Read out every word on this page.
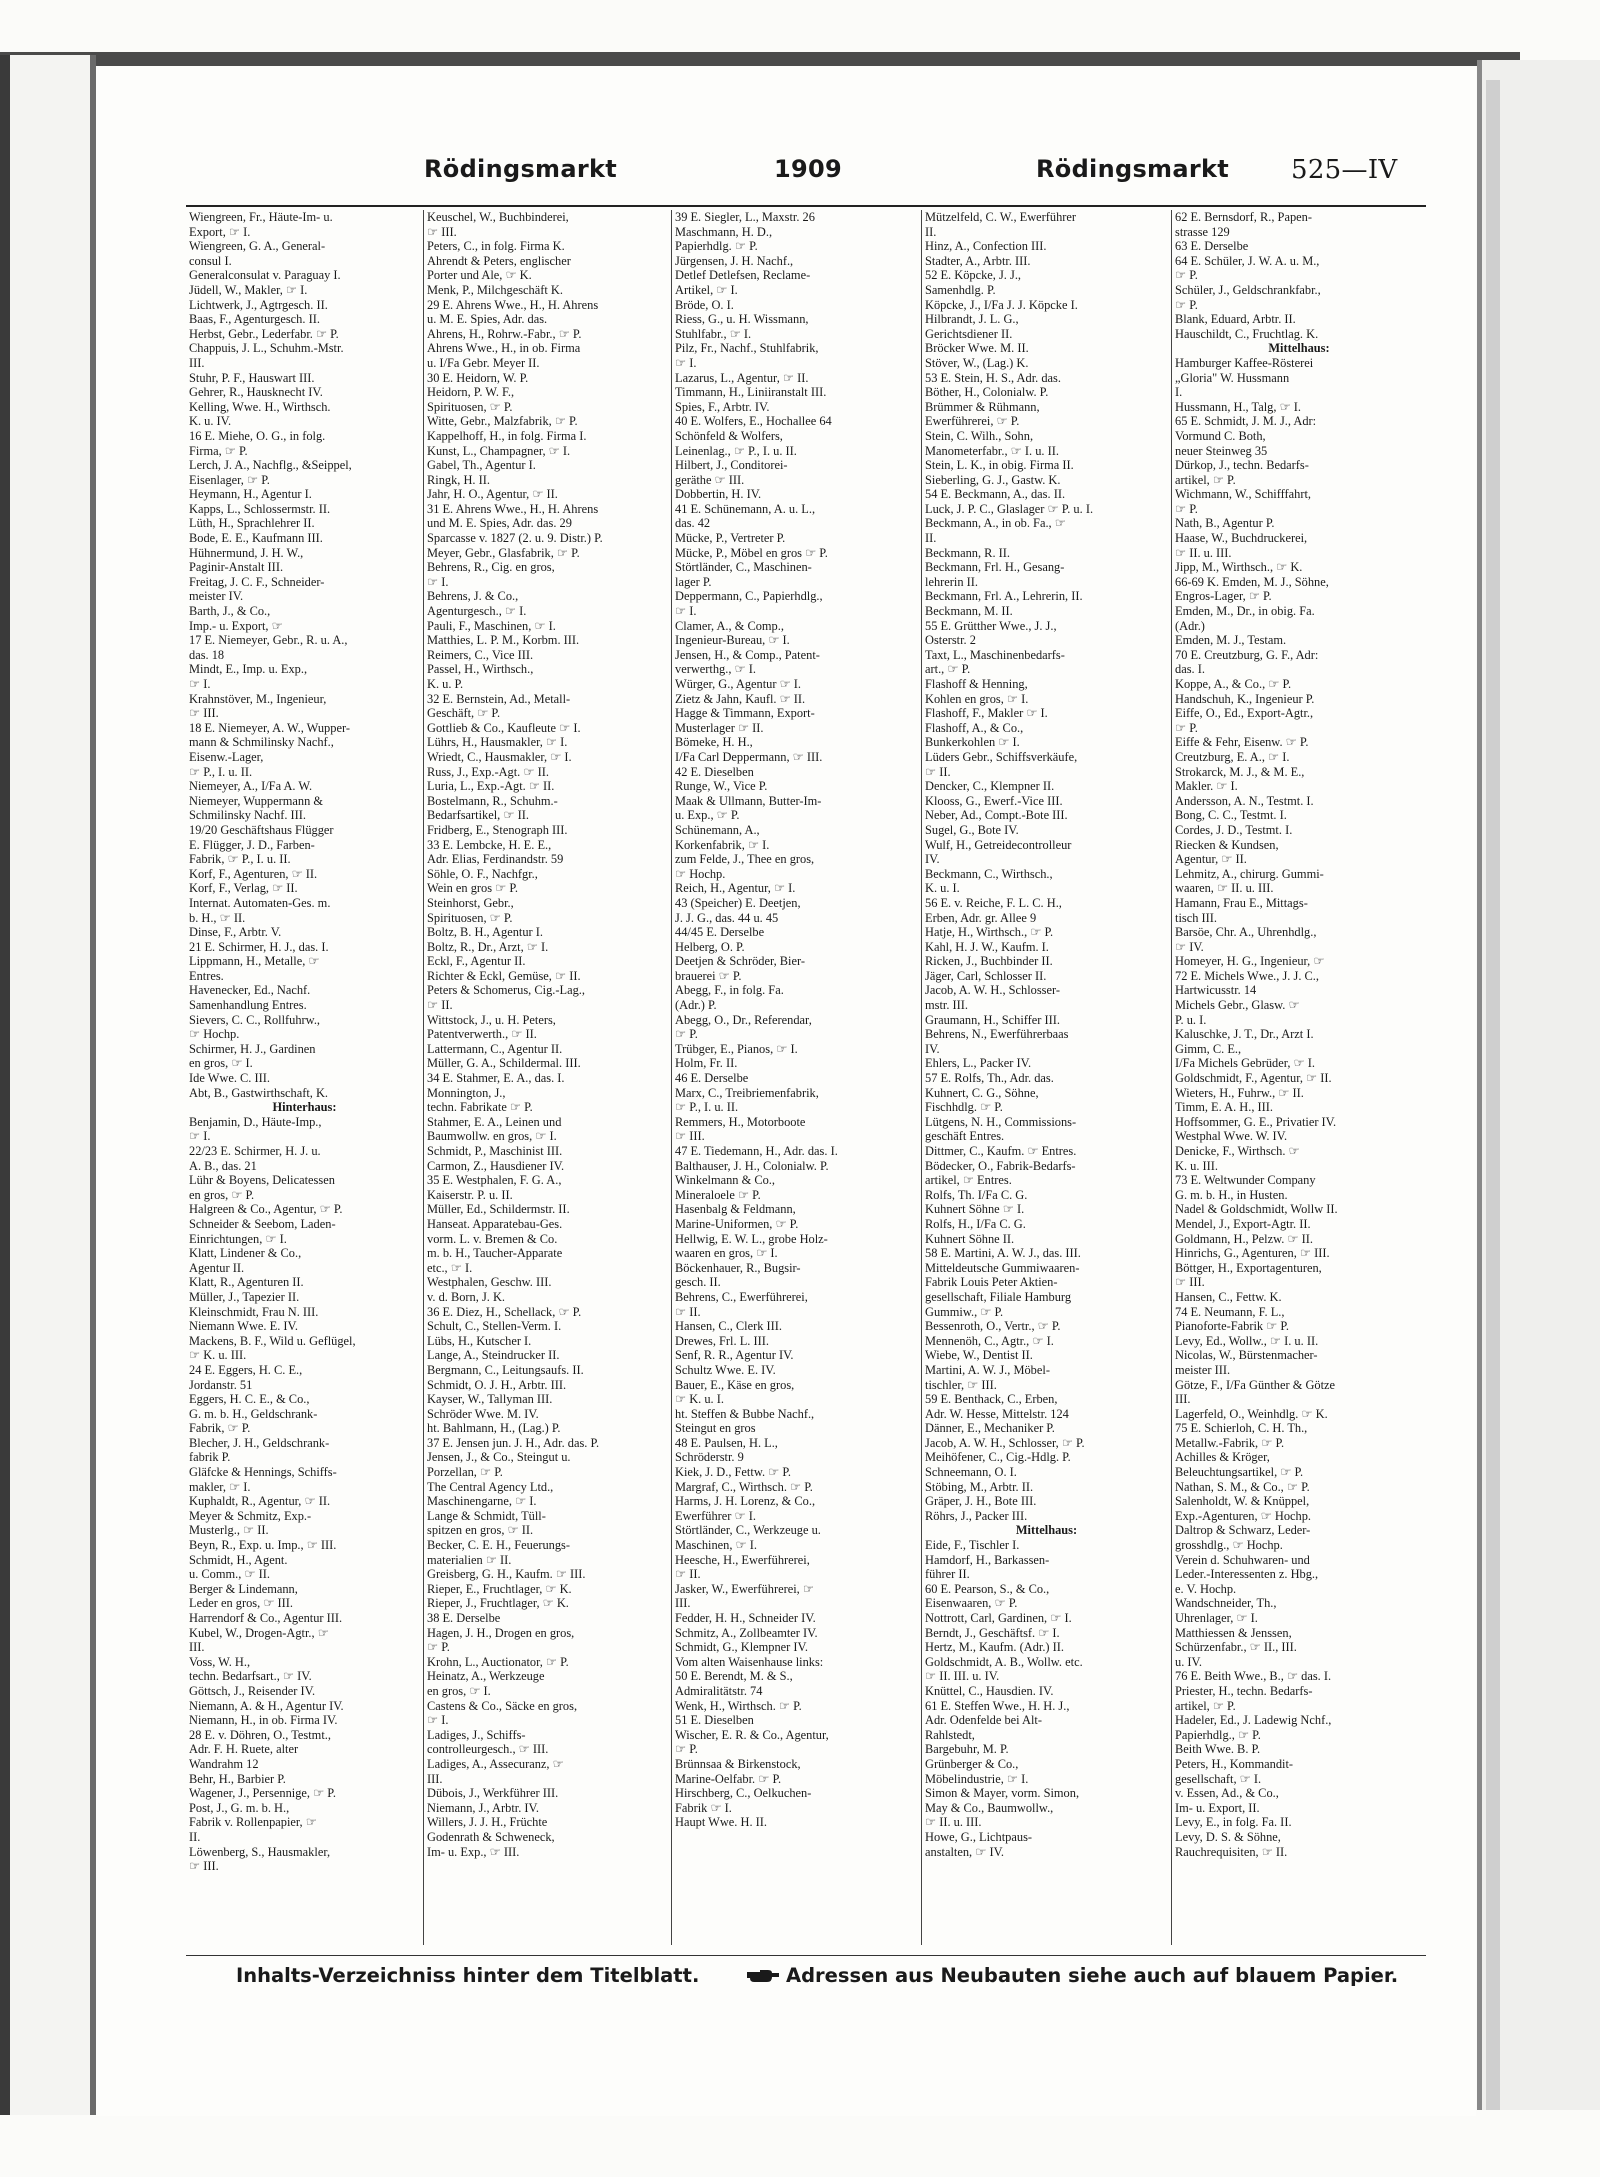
Rödingsmarkt	1909	Rödingsmarkt 525—IV
Wiengreen, Fr., Häute-Im- u.
Export, ☞ I.
Wiengreen, G. A., General-
consul I.
Generalconsulat v. Paraguay I.
Jüdell, W., Makler, ☞ I.
Lichtwerk, J., Agtrgesch. II.
Baas, F., Agenturgesch. II.
Herbst, Gebr., Lederfabr. ☞ P.
Chappuis, J. L., Schuhm.-Mstr.
III.
Stuhr, P. F., Hauswart III.
Gehrer, R., Hausknecht IV.
Kelling, Wwe. H., Wirthsch.
K. u. IV.
16 E. Miehe, O. G., in folg.
Firma, ☞ P.
Lerch, J. A., Nachflg., &Seippel,
Eisenlager, ☞ P.
Heymann, H., Agentur I.
Kapps, L., Schlossermstr. II.
Lüth, H., Sprachlehrer II.
Bode, E. E., Kaufmann III.
Hühnermund, J. H. W.,
Paginir-Anstalt III.
Freitag, J. C. F., Schneider-
meister IV.
Barth, J., & Co.,
Imp.- u. Export, ☞
17 E. Niemeyer, Gebr., R. u. A.,
das. 18
Mindt, E., Imp. u. Exp.,
☞ I.
Krahnstöver, M., Ingenieur,
☞ III.
18 E. Niemeyer, A. W., Wupper-
mann & Schmilinsky Nachf.,
Eisenw.-Lager,
☞ P., I. u. II.
Niemeyer, A., I/Fa A. W.
Niemeyer, Wuppermann &
Schmilinsky Nachf. III.
19/20 Geschäftshaus Flügger
E. Flügger, J. D., Farben-
Fabrik, ☞ P., I. u. II.
Korf, F., Agenturen, ☞ II.
Korf, F., Verlag, ☞ II.
Internat. Automaten-Ges. m.
b. H., ☞ II.
Dinse, F., Arbtr. V.
21 E. Schirmer, H. J., das. I.
Lippmann, H., Metalle, ☞
Entres.
Havenecker, Ed., Nachf.
Samenhandlung Entres.
Sievers, C. C., Rollfuhrw.,
☞ Hochp.
Schirmer, H. J., Gardinen
en gros, ☞ I.
Ide Wwe. C. III.
Abt, B., Gastwirthschaft, K.
Hinterhaus:
Benjamin, D., Häute-Imp.,
☞ I.
22/23 E. Schirmer, H. J. u.
A. B., das. 21
Lühr & Boyens, Delicatessen
en gros, ☞ P.
Halgreen & Co., Agentur, ☞ P.
Schneider & Seebom, Laden-
Einrichtungen, ☞ I.
Klatt, Lindener & Co.,
Agentur II.
Klatt, R., Agenturen II.
Müller, J., Tapezier II.
Kleinschmidt, Frau N. III.
Niemann Wwe. E. IV.
Mackens, B. F., Wild u. Geflügel,
☞ K. u. III.
24 E. Eggers, H. C. E.,
Jordanstr. 51
Eggers, H. C. E., & Co.,
G. m. b. H., Geldschrank-
Fabrik, ☞ P.
Blecher, J. H., Geldschrank-
fabrik P.
Gläfcke & Hennings, Schiffs-
makler, ☞ I.
Kuphaldt, R., Agentur, ☞ II.
Meyer & Schmitz, Exp.-
Musterlg., ☞ II.
Beyn, R., Exp. u. Imp., ☞ III.
Schmidt, H., Agent.
u. Comm., ☞ II.
Berger & Lindemann,
Leder en gros, ☞ III.
Harrendorf & Co., Agentur III.
Kubel, W., Drogen-Agtr., ☞
III.
Voss, W. H.,
techn. Bedarfsart., ☞ IV.
Göttsch, J., Reisender IV.
Niemann, A. & H., Agentur IV.
Niemann, H., in ob. Firma IV.
28 E. v. Döhren, O., Testmt.,
Adr. F. H. Ruete, alter
Wandrahm 12
Behr, H., Barbier P.
Wagener, J., Persennige, ☞ P.
Post, J., G. m. b. H.,
Fabrik v. Rollenpapier, ☞
II.
Löwenberg, S., Hausmakler,
☞ III.
Keuschel, W., Buchbinderei,
☞ III.
Peters, C., in folg. Firma K.
Ahrendt & Peters, englischer
Porter und Ale, ☞ K.
Menk, P., Milchgeschäft K.
29 E. Ahrens Wwe., H., H. Ahrens
u. M. E. Spies, Adr. das.
Ahrens, H., Rohrw.-Fabr., ☞ P.
Ahrens Wwe., H., in ob. Firma
u. I/Fa Gebr. Meyer II.
30 E. Heidorn, W. P.
Heidorn, P. W. F.,
Spirituosen, ☞ P.
Witte, Gebr., Malzfabrik, ☞ P.
Kappelhoff, H., in folg. Firma I.
Kunst, L., Champagner, ☞ I.
Gabel, Th., Agentur I.
Ringk, H. II.
Jahr, H. O., Agentur, ☞ II.
31 E. Ahrens Wwe., H., H. Ahrens
und M. E. Spies, Adr. das. 29
Sparcasse v. 1827 (2. u. 9. Distr.) P.
Meyer, Gebr., Glasfabrik, ☞ P.
Behrens, R., Cig. en gros,
☞ I.
Behrens, J. & Co.,
Agenturgesch., ☞ I.
Pauli, F., Maschinen, ☞ I.
Matthies, L. P. M., Korbm. III.
Reimers, C., Vice III.
Passel, H., Wirthsch.,
K. u. P.
32 E. Bernstein, Ad., Metall-
Geschäft, ☞ P.
Gottlieb & Co., Kaufleute ☞ I.
Lührs, H., Hausmakler, ☞ I.
Wriedt, C., Hausmakler, ☞ I.
Russ, J., Exp.-Agt. ☞ II.
Luria, L., Exp.-Agt. ☞ II.
Bostelmann, R., Schuhm.-
Bedarfsartikel, ☞ II.
Fridberg, E., Stenograph III.
33 E. Lembcke, H. E. E.,
Adr. Elias, Ferdinandstr. 59
Söhle, O. F., Nachfgr.,
Wein en gros ☞ P.
Steinhorst, Gebr.,
Spirituosen, ☞ P.
Boltz, B. H., Agentur I.
Boltz, R., Dr., Arzt, ☞ I.
Eckl, F., Agentur II.
Richter & Eckl, Gemüse, ☞ II.
Peters & Schomerus, Cig.-Lag.,
☞ II.
Wittstock, J., u. H. Peters,
Patentverwerth., ☞ II.
Lattermann, C., Agentur II.
Müller, G. A., Schildermal. III.
34 E. Stahmer, E. A., das. I.
Monnington, J.,
techn. Fabrikate ☞ P.
Stahmer, E. A., Leinen und
Baumwollw. en gros, ☞ I.
Schmidt, P., Maschinist III.
Carmon, Z., Hausdiener IV.
35 E. Westphalen, F. G. A.,
Kaiserstr. P. u. II.
Müller, Ed., Schildermstr. II.
Hanseat. Apparatebau-Ges.
vorm. L. v. Bremen & Co.
m. b. H., Taucher-Apparate
etc., ☞ I.
Westphalen, Geschw. III.
v. d. Born, J. K.
36 E. Diez, H., Schellack, ☞ P.
Schult, C., Stellen-Verm. I.
Lübs, H., Kutscher I.
Lange, A., Steindrucker II.
Bergmann, C., Leitungsaufs. II.
Schmidt, O. J. H., Arbtr. III.
Kayser, W., Tallyman III.
Schröder Wwe. M. IV.
ht. Bahlmann, H., (Lag.) P.
37 E. Jensen jun. J. H., Adr. das. P.
Jensen, J., & Co., Steingut u.
Porzellan, ☞ P.
The Central Agency Ltd.,
Maschinengarne, ☞ I.
Lange & Schmidt, Tüll-
spitzen en gros, ☞ II.
Becker, C. E. H., Feuerungs-
materialien ☞ II.
Greisberg, G. H., Kaufm. ☞ III.
Rieper, E., Fruchtlager, ☞ K.
Rieper, J., Fruchtlager, ☞ K.
38 E. Derselbe
Hagen, J. H., Drogen en gros,
☞ P.
Krohn, L., Auctionator, ☞ P.
Heinatz, A., Werkzeuge
en gros, ☞ I.
Castens & Co., Säcke en gros,
☞ I.
Ladiges, J., Schiffs-
controlleurgesch., ☞ III.
Ladiges, A., Assecuranz, ☞
III.
Dübois, J., Werkführer III.
Niemann, J., Arbtr. IV.
Willers, J. J. H., Früchte
Godenrath & Schweneck,
Im- u. Exp., ☞ III.
39 E. Siegler, L., Maxstr. 26
Maschmann, H. D.,
Papierhdlg. ☞ P.
Jürgensen, J. H. Nachf.,
Detlef Detlefsen, Reclame-
Artikel, ☞ I.
Bröde, O. I.
Riess, G., u. H. Wissmann,
Stuhlfabr., ☞ I.
Pilz, Fr., Nachf., Stuhlfabrik,
☞ I.
Lazarus, L., Agentur, ☞ II.
Timmann, H., Liniiranstalt III.
Spies, F., Arbtr. IV.
40 E. Wolfers, E., Hochallee 64
Schönfeld & Wolfers,
Leinenlag., ☞ P., I. u. II.
Hilbert, J., Conditorei-
geräthe ☞ III.
Dobbertin, H. IV.
41 E. Schünemann, A. u. L.,
das. 42
Mücke, P., Vertreter P.
Mücke, P., Möbel en gros ☞ P.
Störtländer, C., Maschinen-
lager P.
Deppermann, C., Papierhdlg.,
☞ I.
Clamer, A., & Comp.,
Ingenieur-Bureau, ☞ I.
Jensen, H., & Comp., Patent-
verwerthg., ☞ I.
Würger, G., Agentur ☞ I.
Zietz & Jahn, Kaufl. ☞ II.
Hagge & Timmann, Export-
Musterlager ☞ II.
Bömeke, H. H.,
I/Fa Carl Deppermann, ☞ III.
42 E. Dieselben
Runge, W., Vice P.
Maak & Ullmann, Butter-Im-
u. Exp., ☞ P.
Schünemann, A.,
Korkenfabrik, ☞ I.
zum Felde, J., Thee en gros,
☞ Hochp.
Reich, H., Agentur, ☞ I.
43 (Speicher) E. Deetjen,
J. J. G., das. 44 u. 45
44/45 E. Derselbe
Helberg, O. P.
Deetjen & Schröder, Bier-
brauerei ☞ P.
Abegg, F., in folg. Fa.
(Adr.) P.
Abegg, O., Dr., Referendar,
☞ P.
Trübger, E., Pianos, ☞ I.
Holm, Fr. II.
46 E. Derselbe
Marx, C., Treibriemenfabrik,
☞ P., I. u. II.
Remmers, H., Motorboote
☞ III.
47 E. Tiedemann, H., Adr. das. I.
Balthauser, J. H., Colonialw. P.
Winkelmann & Co.,
Mineraloele ☞ P.
Hasenbalg & Feldmann,
Marine-Uniformen, ☞ P.
Hellwig, E. W. L., grobe Holz-
waaren en gros, ☞ I.
Böckenhauer, R., Bugsir-
gesch. II.
Behrens, C., Ewerführerei,
☞ II.
Hansen, C., Clerk III.
Drewes, Frl. L. III.
Senf, R. R., Agentur IV.
Schultz Wwe. E. IV.
Bauer, E., Käse en gros,
☞ K. u. I.
ht. Steffen & Bubbe Nachf.,
Steingut en gros
48 E. Paulsen, H. L.,
Schröderstr. 9
Kiek, J. D., Fettw. ☞ P.
Margraf, C., Wirthsch. ☞ P.
Harms, J. H. Lorenz, & Co.,
Ewerführer ☞ I.
Störtländer, C., Werkzeuge u.
Maschinen, ☞ I.
Heesche, H., Ewerführerei,
☞ II.
Jasker, W., Ewerführerei, ☞
III.
Fedder, H. H., Schneider IV.
Schmitz, A., Zollbeamter IV.
Schmidt, G., Klempner IV.
Vom alten Waisenhause links:
50 E. Berendt, M. & S.,
Admiralitätstr. 74
Wenk, H., Wirthsch. ☞ P.
51 E. Dieselben
Wischer, E. R. & Co., Agentur,
☞ P.
Brünnsaa & Birkenstock,
Marine-Oelfabr. ☞ P.
Hirschberg, C., Oelkuchen-
Fabrik ☞ I.
Haupt Wwe. H. II.
Mützelfeld, C. W., Ewerführer
II.
Hinz, A., Confection III.
Stadter, A., Arbtr. III.
52 E. Köpcke, J. J.,
Samenhdlg. P.
Köpcke, J., I/Fa J. J. Köpcke I.
Hilbrandt, J. L. G.,
Gerichtsdiener II.
Bröcker Wwe. M. II.
Stöver, W., (Lag.) K.
53 E. Stein, H. S., Adr. das.
Böther, H., Colonialw. P.
Brümmer & Rühmann,
Ewerführerei, ☞ P.
Stein, C. Wilh., Sohn,
Manometerfabr., ☞ I. u. II.
Stein, L. K., in obig. Firma II.
Sieberling, G. J., Gastw. K.
54 E. Beckmann, A., das. II.
Luck, J. P. C., Glaslager ☞ P. u. I.
Beckmann, A., in ob. Fa., ☞
II.
Beckmann, R. II.
Beckmann, Frl. H., Gesang-
lehrerin II.
Beckmann, Frl. A., Lehrerin, II.
Beckmann, M. II.
55 E. Grütther Wwe., J. J.,
Osterstr. 2
Taxt, L., Maschinenbedarfs-
art., ☞ P.
Flashoff & Henning,
Kohlen en gros, ☞ I.
Flashoff, F., Makler ☞ I.
Flashoff, A., & Co.,
Bunkerkohlen ☞ I.
Lüders Gebr., Schiffsverkäufe,
☞ II.
Dencker, C., Klempner II.
Klooss, G., Ewerf.-Vice III.
Neber, Ad., Compt.-Bote III.
Sugel, G., Bote IV.
Wulf, H., Getreidecontrolleur
IV.
Beckmann, C., Wirthsch.,
K. u. I.
56 E. v. Reiche, F. L. C. H.,
Erben, Adr. gr. Allee 9
Hatje, H., Wirthsch., ☞ P.
Kahl, H. J. W., Kaufm. I.
Ricken, J., Buchbinder II.
Jäger, Carl, Schlosser II.
Jacob, A. W. H., Schlosser-
mstr. III.
Graumann, H., Schiffer III.
Behrens, N., Ewerführerbaas
IV.
Ehlers, L., Packer IV.
57 E. Rolfs, Th., Adr. das.
Kuhnert, C. G., Söhne,
Fischhdlg. ☞ P.
Lütgens, N. H., Commissions-
geschäft Entres.
Dittmer, C., Kaufm. ☞ Entres.
Bödecker, O., Fabrik-Bedarfs-
artikel, ☞ Entres.
Rolfs, Th. I/Fa C. G.
Kuhnert Söhne ☞ I.
Rolfs, H., I/Fa C. G.
Kuhnert Söhne II.
58 E. Martini, A. W. J., das. III.
Mitteldeutsche Gummiwaaren-
Fabrik Louis Peter Aktien-
gesellschaft, Filiale Hamburg
Gummiw., ☞ P.
Bessenroth, O., Vertr., ☞ P.
Mennenöh, C., Agtr., ☞ I.
Wiebe, W., Dentist II.
Martini, A. W. J., Möbel-
tischler, ☞ III.
59 E. Benthack, C., Erben,
Adr. W. Hesse, Mittelstr. 124
Dänner, E., Mechaniker P.
Jacob, A. W. H., Schlosser, ☞ P.
Meihöfener, C., Cig.-Hdlg. P.
Schneemann, O. I.
Stöbing, M., Arbtr. II.
Gräper, J. H., Bote III.
Röhrs, J., Packer III.
Mittelhaus:
Eide, F., Tischler I.
Hamdorf, H., Barkassen-
führer II.
60 E. Pearson, S., & Co.,
Eisenwaaren, ☞ P.
Nottrott, Carl, Gardinen, ☞ I.
Berndt, J., Geschäftsf. ☞ I.
Hertz, M., Kaufm. (Adr.) II.
Goldschmidt, A. B., Wollw. etc.
☞ II. III. u. IV.
Knüttel, C., Hausdien. IV.
61 E. Steffen Wwe., H. H. J.,
Adr. Odenfelde bei Alt-
Rahlstedt,
Bargebuhr, M. P.
Grünberger & Co.,
Möbelindustrie, ☞ I.
Simon & Mayer, vorm. Simon,
May & Co., Baumwollw.,
☞ II. u. III.
Howe, G., Lichtpaus-
anstalten, ☞ IV.
62 E. Bernsdorf, R., Papen-
strasse 129
63 E. Derselbe
64 E. Schüler, J. W. A. u. M.,
☞ P.
Schüler, J., Geldschrankfabr.,
☞ P.
Blank, Eduard, Arbtr. II.
Hauschildt, C., Fruchtlag. K.
Mittelhaus:
Hamburger Kaffee-Rösterei
„Gloria" W. Hussmann
I.
Hussmann, H., Talg, ☞ I.
65 E. Schmidt, J. M. J., Adr:
Vormund C. Both,
neuer Steinweg 35
Dürkop, J., techn. Bedarfs-
artikel, ☞ P.
Wichmann, W., Schifffahrt,
☞ P.
Nath, B., Agentur P.
Haase, W., Buchdruckerei,
☞ II. u. III.
Jipp, M., Wirthsch., ☞ K.
66-69 K. Emden, M. J., Söhne,
Engros-Lager, ☞ P.
Emden, M., Dr., in obig. Fa.
(Adr.)
Emden, M. J., Testam.
70 E. Creutzburg, G. F., Adr:
das. I.
Koppe, A., & Co., ☞ P.
Handschuh, K., Ingenieur P.
Eiffe, O., Ed., Export-Agtr.,
☞ P.
Eiffe & Fehr, Eisenw. ☞ P.
Creutzburg, E. A., ☞ I.
Strokarck, M. J., & M. E.,
Makler. ☞ I.
Andersson, A. N., Testmt. I.
Bong, C. C., Testmt. I.
Cordes, J. D., Testmt. I.
Riecken & Kundsen,
Agentur, ☞ II.
Lehmitz, A., chirurg. Gummi-
waaren, ☞ II. u. III.
Hamann, Frau E., Mittags-
tisch III.
Barsöe, Chr. A., Uhrenhdlg.,
☞ IV.
Homeyer, H. G., Ingenieur, ☞
72 E. Michels Wwe., J. J. C.,
Hartwicusstr. 14
Michels Gebr., Glasw. ☞
P. u. I.
Kaluschke, J. T., Dr., Arzt I.
Gimm, C. E.,
I/Fa Michels Gebrüder, ☞ I.
Goldschmidt, F., Agentur, ☞ II.
Wieters, H., Fuhrw., ☞ II.
Timm, E. A. H., III.
Hoffsommer, G. E., Privatier IV.
Westphal Wwe. W. IV.
Denicke, F., Wirthsch. ☞
K. u. III.
73 E. Weltwunder Company
G. m. b. H., in Husten.
Nadel & Goldschmidt, Wollw II.
Mendel, J., Export-Agtr. II.
Goldmann, H., Pelzw. ☞ II.
Hinrichs, G., Agenturen, ☞ III.
Böttger, H., Exportagenturen,
☞ III.
Hansen, C., Fettw. K.
74 E. Neumann, F. L.,
Pianoforte-Fabrik ☞ P.
Levy, Ed., Wollw., ☞ I. u. II.
Nicolas, W., Bürstenmacher-
meister III.
Götze, F., I/Fa Günther & Götze
III.
Lagerfeld, O., Weinhdlg. ☞ K.
75 E. Schierloh, C. H. Th.,
Metallw.-Fabrik, ☞ P.
Achilles & Kröger,
Beleuchtungsartikel, ☞ P.
Nathan, S. M., & Co., ☞ P.
Salenholdt, W. & Knüppel,
Exp.-Agenturen, ☞ Hochp.
Daltrop & Schwarz, Leder-
grosshdlg., ☞ Hochp.
Verein d. Schuhwaren- und
Leder.-Interessenten z. Hbg.,
e. V. Hochp.
Wandschneider, Th.,
Uhrenlager, ☞ I.
Matthiessen & Jenssen,
Schürzenfabr., ☞ II., III.
u. IV.
76 E. Beith Wwe., B., ☞ das. I.
Priester, H., techn. Bedarfs-
artikel, ☞ P.
Hadeler, Ed., J. Ladewig Nchf.,
Papierhdlg., ☞ P.
Beith Wwe. B. P.
Peters, H., Kommandit-
gesellschaft, ☞ I.
v. Essen, Ad., & Co.,
Im- u. Export, II.
Levy, E., in folg. Fa. II.
Levy, D. S. & Söhne,
Rauchrequisiten, ☞ II.
Inhalts-Verzeichniss hinter dem Titelblatt.	Adressen aus Neubauten siehe auch auf blauem Papier.
